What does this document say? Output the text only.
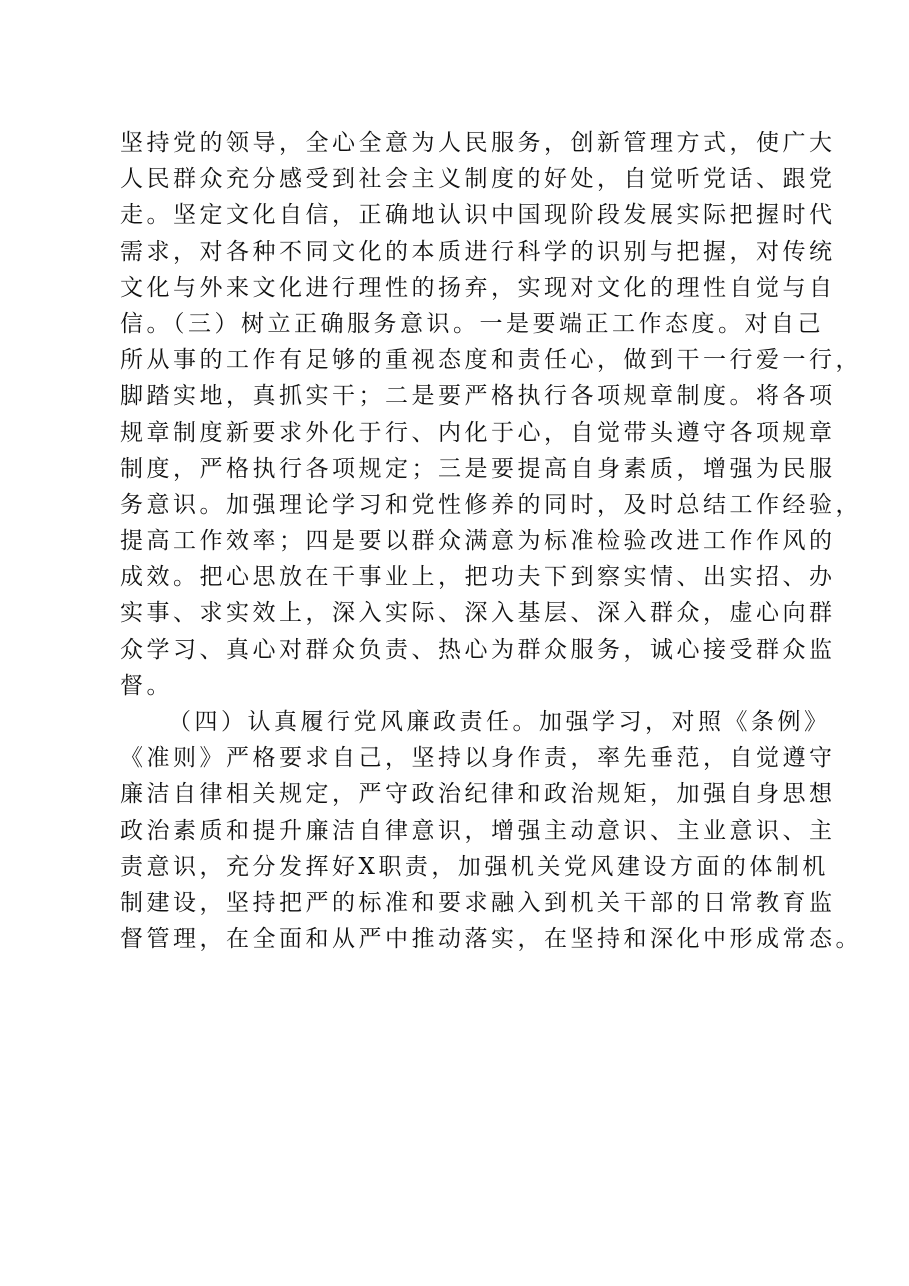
坚持党的领导，全心全意为人民服务，创新管理方式，使广大
人民群众充分感受到社会主义制度的好处，自觉听党话、跟党
走。坚定文化自信，正确地认识中国现阶段发展实际把握时代
需求，对各种不同文化的本质进行科学的识别与把握，对传统
文化与外来文化进行理性的扬弃，实现对文化的理性自觉与自
信。（三）树立正确服务意识。一是要端正工作态度。对自己
所从事的工作有足够的重视态度和责任心，做到干一行爱一行，
脚踏实地，真抓实干；二是要严格执行各项规章制度。将各项
规章制度新要求外化于行、内化于心，自觉带头遵守各项规章
制度，严格执行各项规定；三是要提高自身素质，增强为民服
务意识。加强理论学习和党性修养的同时，及时总结工作经验，
提高工作效率；四是要以群众满意为标准检验改进工作作风的
成效。把心思放在干事业上，把功夫下到察实情、出实招、办
实事、求实效上，深入实际、深入基层、深入群众，虚心向群
众学习、真心对群众负责、热心为群众服务，诚心接受群众监
督。

（四）认真履行党风廉政责任。加强学习，对照《条例》
《准则》严格要求自己，坚持以身作责，率先垂范，自觉遵守
廉洁自律相关规定，严守政治纪律和政治规矩，加强自身思想
政治素质和提升廉洁自律意识，增强主动意识、主业意识、主
责意识，充分发挥好X职责，加强机关党风建设方面的体制机
制建设，坚持把严的标准和要求融入到机关干部的日常教育监
督管理，在全面和从严中推动落实，在坚持和深化中形成常态。
